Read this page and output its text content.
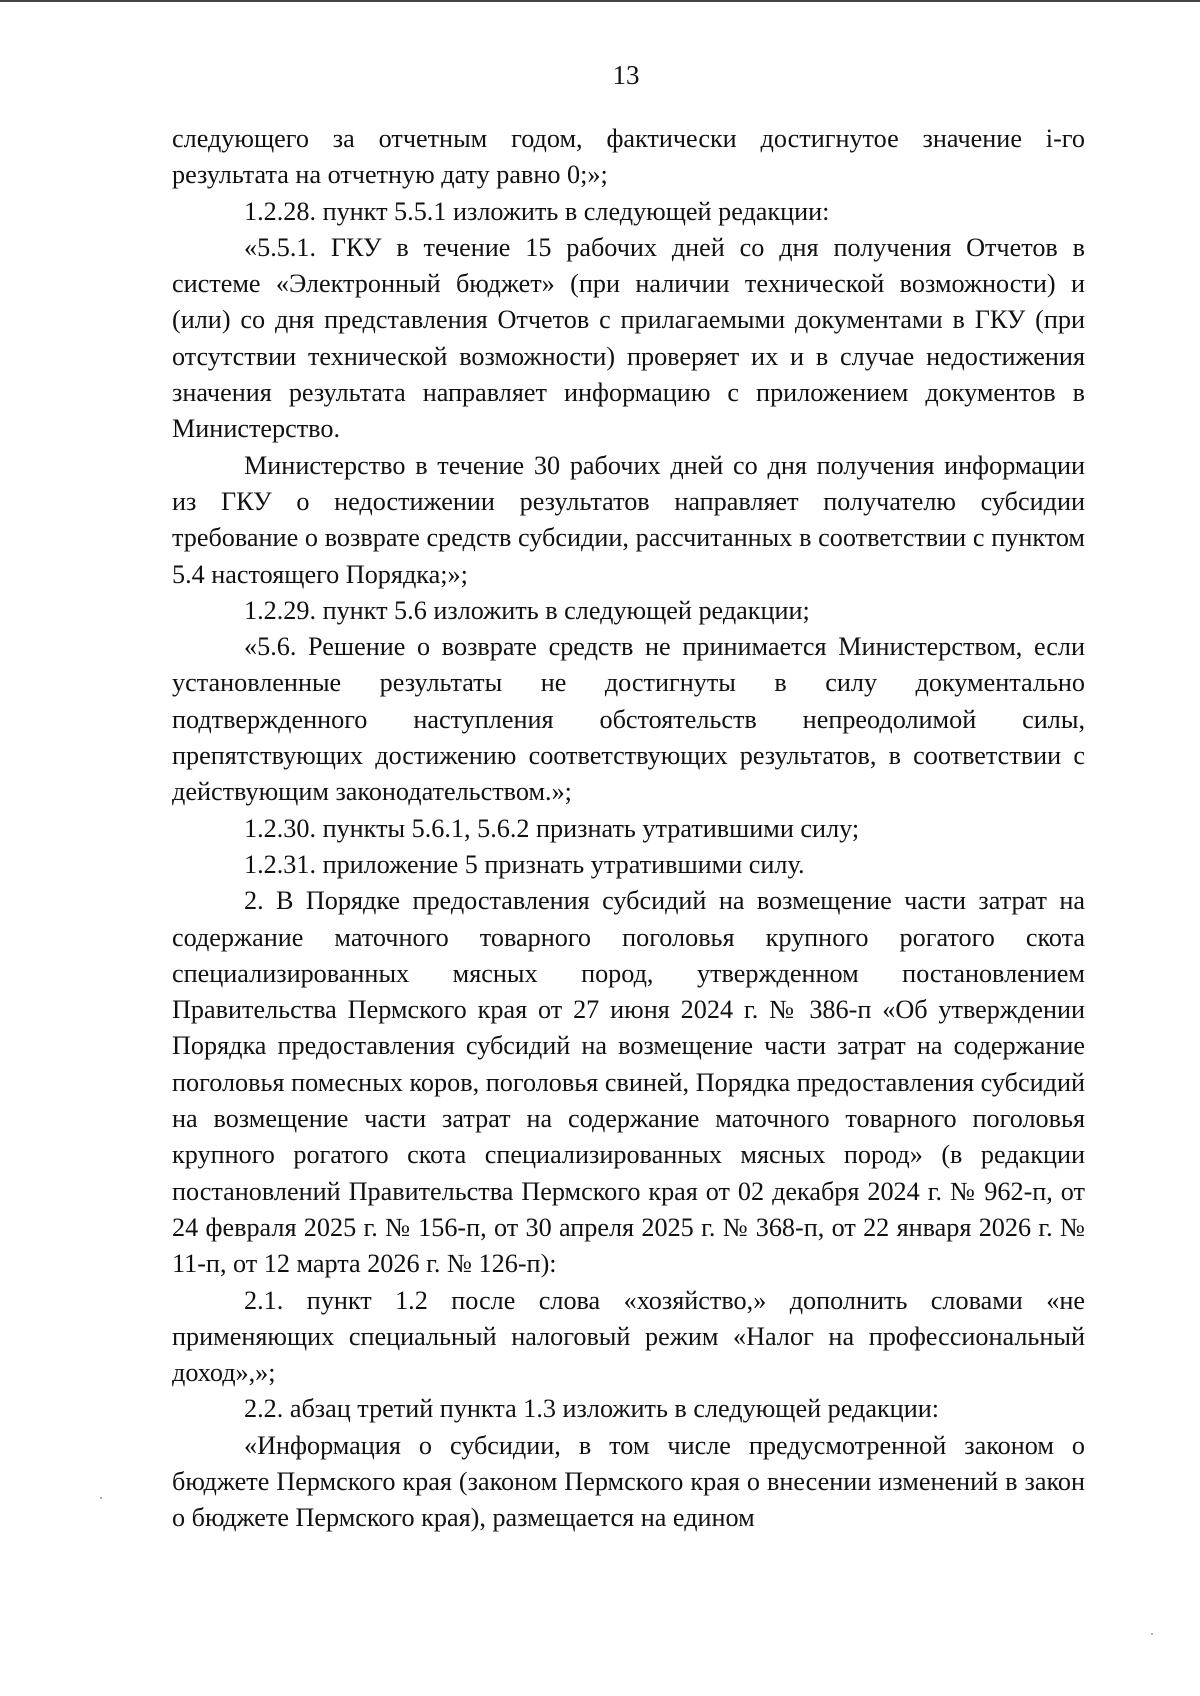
13

следующего за отчетным годом, фактически достигнутое значение i-го результата на отчетную дату равно 0;»;

1.2.28. пункт 5.5.1 изложить в следующей редакции:

«5.5.1. ГКУ в течение 15 рабочих дней со дня получения Отчетов в системе «Электронный бюджет» (при наличии технической возможности) и (или) со дня представления Отчетов с прилагаемыми документами в ГКУ (при отсутствии технической возможности) проверяет их и в случае недостижения значения результата направляет информацию с приложением документов в Министерство.

Министерство в течение 30 рабочих дней со дня получения информации из ГКУ о недостижении результатов направляет получателю субсидии требование о возврате средств субсидии, рассчитанных в соответствии с пунктом 5.4 настоящего Порядка;»;

1.2.29. пункт 5.6 изложить в следующей редакции;

«5.6. Решение о возврате средств не принимается Министерством, если установленные результаты не достигнуты в силу документально подтвержденного наступления обстоятельств непреодолимой силы, препятствующих достижению соответствующих результатов, в соответствии с действующим законодательством.»;

1.2.30. пункты 5.6.1, 5.6.2 признать утратившими силу;

1.2.31. приложение 5 признать утратившими силу.

2. В Порядке предоставления субсидий на возмещение части затрат на содержание маточного товарного поголовья крупного рогатого скота специализированных мясных пород, утвержденном постановлением Правительства Пермского края от 27 июня 2024 г. № 386-п «Об утверждении Порядка предоставления субсидий на возмещение части затрат на содержание поголовья помесных коров, поголовья свиней, Порядка предоставления субсидий на возмещение части затрат на содержание маточного товарного поголовья крупного рогатого скота специализированных мясных пород» (в редакции постановлений Правительства Пермского края от 02 декабря 2024 г. № 962-п, от 24 февраля 2025 г. № 156-п, от 30 апреля 2025 г. № 368-п, от 22 января 2026 г. № 11-п, от 12 марта 2026 г. № 126-п):

2.1. пункт 1.2 после слова «хозяйство,» дополнить словами «не применяющих специальный налоговый режим «Налог на профессиональный доход»,»;

2.2. абзац третий пункта 1.3 изложить в следующей редакции:

«Информация о субсидии, в том числе предусмотренной законом о бюджете Пермского края (законом Пермского края о внесении изменений в закон о бюджете Пермского края), размещается на едином
